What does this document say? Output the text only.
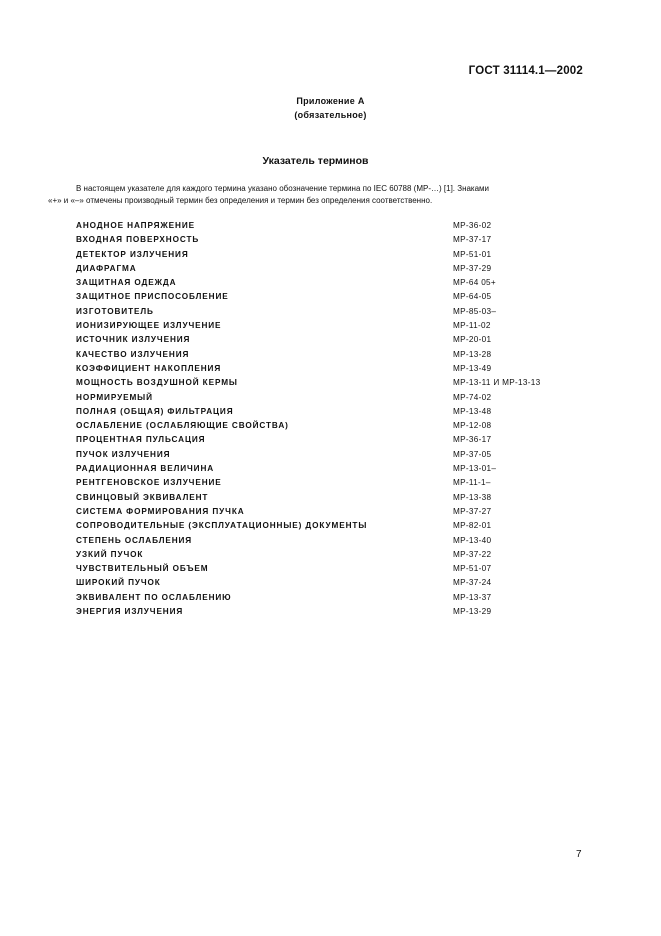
ГОСТ 31114.1—2002
Приложение А
(обязательное)
Указатель терминов

В настоящем указателе для каждого термина указано обозначение термина по IEC 60788 (МР-…) [1]. Знаками

«+» и «–» отмечены производный термин без определения и термин без определения соответственно.

АНОДНОЕ НАПРЯЖЕНИЕ	МР-36-02
ВХОДНАЯ ПОВЕРХНОСТЬ	МР-37-17
ДЕТЕКТОР ИЗЛУЧЕНИЯ	МР-51-01
ДИАФРАГМА	МР-37-29
ЗАЩИТНАЯ ОДЕЖДА	МР-64 05+
ЗАЩИТНОЕ ПРИСПОСОБЛЕНИЕ	МР-64-05
ИЗГОТОВИТЕЛЬ	МР-85-03–
ИОНИЗИРУЮЩЕЕ ИЗЛУЧЕНИЕ	МР-11-02
ИСТОЧНИК ИЗЛУЧЕНИЯ	МР-20-01
КАЧЕСТВО ИЗЛУЧЕНИЯ	МР-13-28
КОЭФФИЦИЕНТ НАКОПЛЕНИЯ	МР-13-49
МОЩНОСТЬ ВОЗДУШНОЙ КЕРМЫ	МР-13-11 И МР-13-13
НОРМИРУЕМЫЙ	МР-74-02
ПОЛНАЯ (ОБЩАЯ) ФИЛЬТРАЦИЯ	МР-13-48
ОСЛАБЛЕНИЕ (ОСЛАБЛЯЮЩИЕ СВОЙСТВА)	МР-12-08
ПРОЦЕНТНАЯ ПУЛЬСАЦИЯ	МР-36-17
ПУЧОК ИЗЛУЧЕНИЯ	МР-37-05
РАДИАЦИОННАЯ ВЕЛИЧИНА	МР-13-01–
РЕНТГЕНОВСКОЕ ИЗЛУЧЕНИЕ	МР-11-1–
СВИНЦОВЫЙ ЭКВИВАЛЕНТ	МР-13-38
СИСТЕМА ФОРМИРОВАНИЯ ПУЧКА	МР-37-27
СОПРОВОДИТЕЛЬНЫЕ (ЭКСПЛУАТАЦИОННЫЕ) ДОКУМЕНТЫ	МР-82-01
СТЕПЕНЬ ОСЛАБЛЕНИЯ	МР-13-40
УЗКИЙ ПУЧОК	МР-37-22
ЧУВСТВИТЕЛЬНЫЙ ОБЪЕМ	МР-51-07
ШИРОКИЙ ПУЧОК	МР-37-24
ЭКВИВАЛЕНТ ПО ОСЛАБЛЕНИЮ	МР-13-37
ЭНЕРГИЯ ИЗЛУЧЕНИЯ	МР-13-29
7
